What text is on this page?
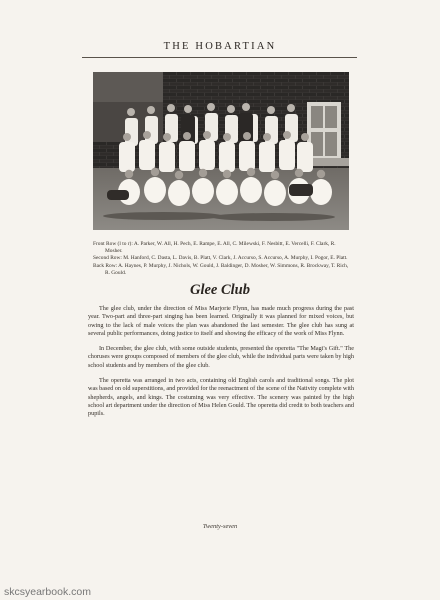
THE HOBARTIAN

Front Row (l to r): A. Parker, W. All, H. Pech, E. Rampe, E. All, C. Milewski, F. Nesbitt, E. Vercelli, F. Clark, R. Mosher.

Second Row: M. Hanford, C. Dasta, L. Davis, B. Platt, V. Clark, J. Accurso, S. Accurso, A. Murphy, I. Pogor, E. Platt.

Back Row: A. Haynes, P. Murphy, J. Nichols, W. Gould, J. Baldinger, D. Mosher, W. Simmons, R. Brockway, T. Rich, R. Gould.

Glee Club

The glee club, under the direction of Miss Marjorie Flynn, has made much progress during the past year. Two-part and three-part singing has been learned. Originally it was planned for mixed voices, but owing to the lack of male voices the plan was abandoned the last semester. The glee club has sung at several public performances, doing justice to itself and showing the efficacy of the work of Miss Flynn.

In December, the glee club, with some outside students, presented the operetta "The Magi's Gift." The choruses were groups composed of members of the glee club, while the individual parts were taken by high school students and by members of the glee club.

The operetta was arranged in two acts, containing old English carols and traditional songs. The plot was based on old superstitions, and provided for the reenactment of the scene of the Nativity complete with shepherds, angels, and kings. The costuming was very effective. The scenery was painted by the high school art department under the direction of Miss Helen Gould. The operetta did credit to both teachers and pupils.

Twenty-seven
skcsyearbook.com
